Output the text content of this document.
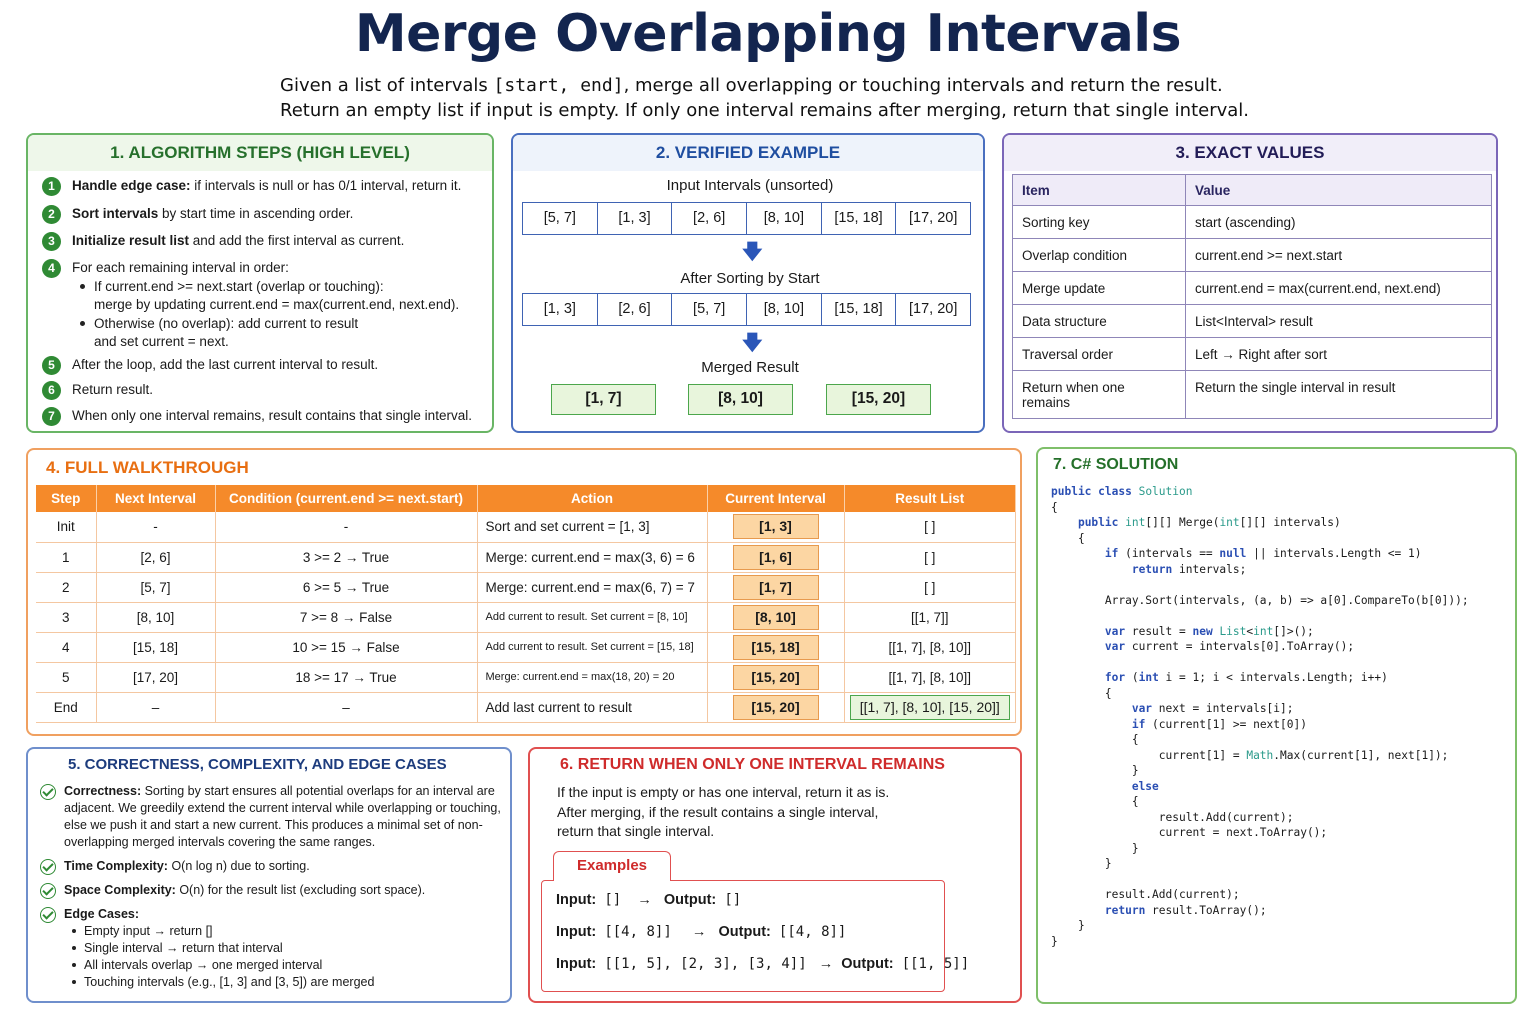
Merge Overlapping Intervals
Given a list of intervals [start, end], merge all overlapping or touching intervals and return the result.
Return an empty list if input is empty. If only one interval remains after merging, return that single interval.
1. ALGORITHM STEPS (HIGH LEVEL)
1	Handle edge case: if intervals is null or has 0/1 interval, return it.
2	Sort intervals by start time in ascending order.
3	Initialize result list and add the first interval as current.
4	For each remaining interval in order:
If current.end >= next.start (overlap or touching):
merge by updating current.end = max(current.end, next.end).
Otherwise (no overlap): add current to result
and set current = next.
5	After the loop, add the last current interval to result.
6	Return result.
7	When only one interval remains, result contains that single interval.
2. VERIFIED EXAMPLE
Input Intervals (unsorted)
[5, 7]	[1, 3]	[2, 6]	[8, 10]	[15, 18]	[17, 20]
🡇
After Sorting by Start
[1, 3]	[2, 6]	[5, 7]	[8, 10]	[15, 18]	[17, 20]
🡇
Merged Result
[1, 7]	[8, 10]	[15, 20]
3. EXACT VALUES
Item	Value
Sorting key	start (ascending)
Overlap condition	current.end >= next.start
Merge update	current.end = max(current.end, next.end)
Data structure	List<Interval> result
Traversal order	Left → Right after sort
Return when one remains	Return the single interval in result
4. FULL WALKTHROUGH
Step	Next Interval	Condition (current.end >= next.start)	Action	Current Interval	Result List
Init	-	-	Sort and set current = [1, 3]	[1, 3]	[ ]
1	[2, 6]	3 >= 2 → True	Merge: current.end = max(3, 6) = 6	[1, 6]	[ ]
2	[5, 7]	6 >= 5 → True	Merge: current.end = max(6, 7) = 7	[1, 7]	[ ]
3	[8, 10]	7 >= 8 → False	Add current to result. Set current = [8, 10]	[8, 10]	[[1, 7]]
4	[15, 18]	10 >= 15 → False	Add current to result. Set current = [15, 18]	[15, 18]	[[1, 7], [8, 10]]
5	[17, 20]	18 >= 17 → True	Merge: current.end = max(18, 20) = 20	[15, 20]	[[1, 7], [8, 10]]
End	–	–	Add last current to result	[15, 20]	[[1, 7], [8, 10], [15, 20]]
5. CORRECTNESS, COMPLEXITY, AND EDGE CASES
Correctness: Sorting by start ensures all potential overlaps for an interval are adjacent. We greedily extend the current interval while overlapping or touching, else we push it and start a new current. This produces a minimal set of non-overlapping merged intervals covering the same ranges.
Time Complexity: O(n log n) due to sorting.
Space Complexity: O(n) for the result list (excluding sort space).
Edge Cases:
Empty input → return []
Single interval → return that interval
All intervals overlap → one merged interval
Touching intervals (e.g., [1, 3] and [3, 5]) are merged
6. RETURN WHEN ONLY ONE INTERVAL REMAINS
If the input is empty or has one interval, return it as is.
After merging, if the result contains a single interval,
return that single interval.
Examples
Input: [] → Output: []
Input: [[4, 8]] → Output: [[4, 8]]
Input: [[1, 5], [2, 3], [3, 4]] → Output: [[1, 5]]
7. C# SOLUTION
public class Solution
{
public int[][] Merge(int[][] intervals)
{
if (intervals == null || intervals.Length <= 1)
return intervals;

Array.Sort(intervals, (a, b) => a[0].CompareTo(b[0]));

var result = new List<int[]>();
var current = intervals[0].ToArray();

for (int i = 1; i < intervals.Length; i++)
{
var next = intervals[i];
if (current[1] >= next[0])
{
current[1] = Math.Max(current[1], next[1]);
}
else
{
result.Add(current);
current = next.ToArray();
}
}

result.Add(current);
return result.ToArray();
}
}
